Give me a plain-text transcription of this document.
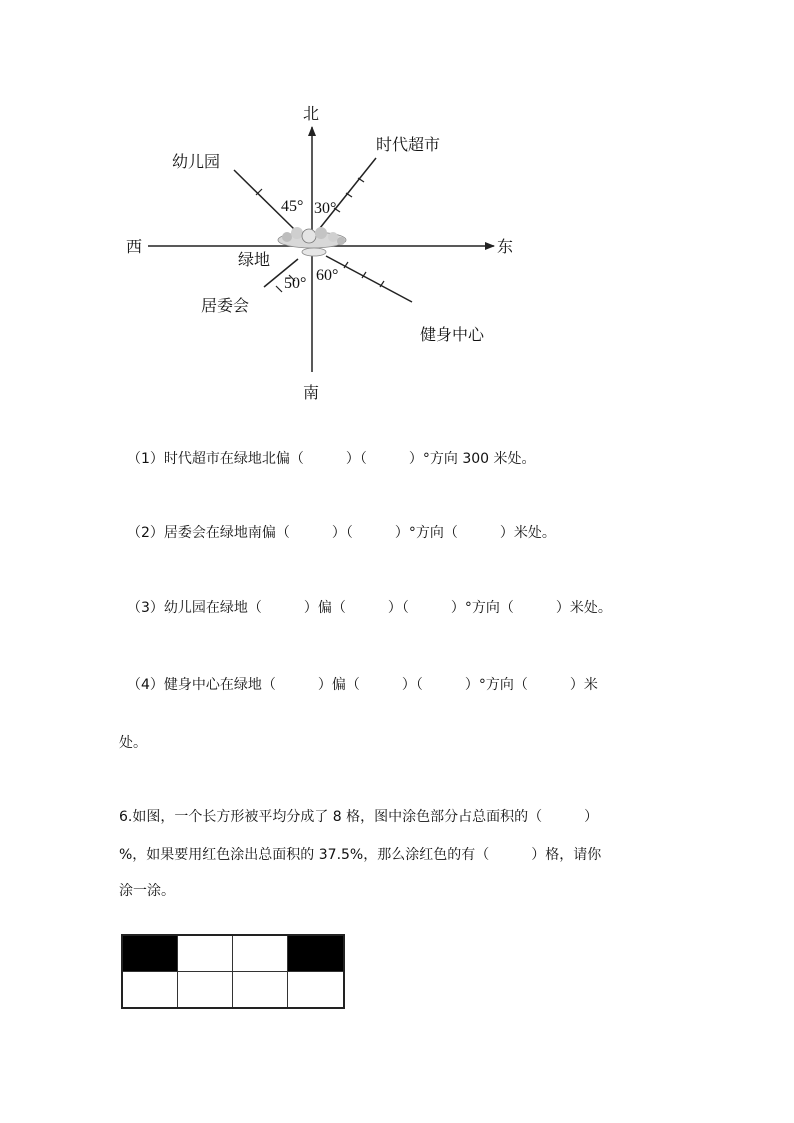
北
南
东
西
绿地
时代超市
幼儿园
居委会
健身中心
30°
45°
50° 60°
（1）时代超市在绿地北偏（　　　）（　　　）°方向 300 米处。
（2）居委会在绿地南偏（　　　）（　　　）°方向（　　　）米处。
（3）幼儿园在绿地（　　　）偏（　　　）（　　　）°方向（　　　）米处。
（4）健身中心在绿地（　　　）偏（　　　）（　　　）°方向（　　　）米
处。
6.如图，一个长方形被平均分成了 8 格，图中涂色部分占总面积的（　　　）
%，如果要用红色涂出总面积的 37.5%，那么涂红色的有（　　　）格，请你
涂一涂。
